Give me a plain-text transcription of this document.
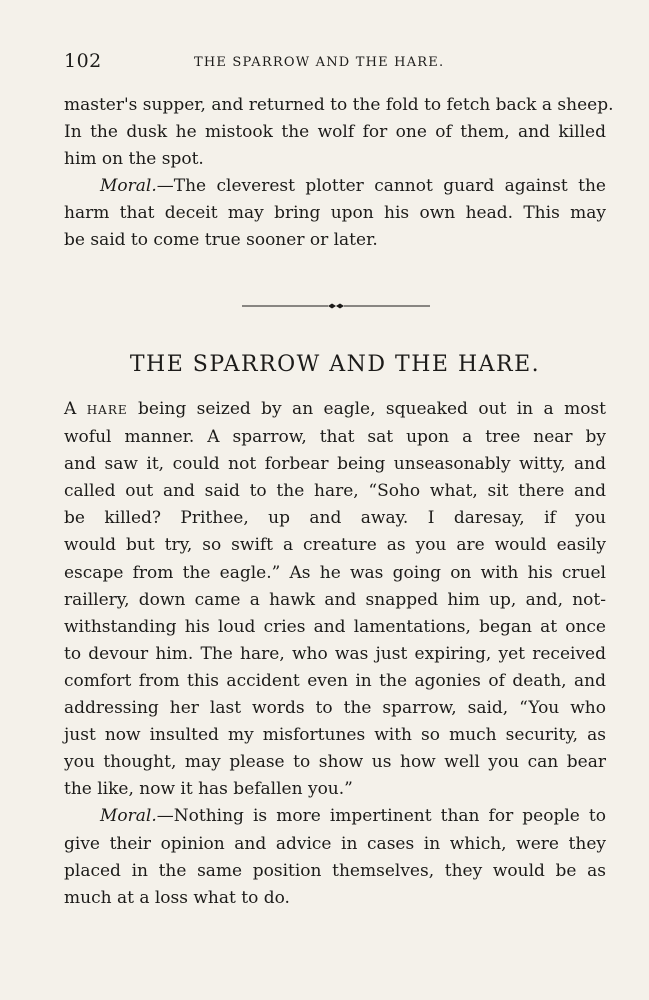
102	THE SPARROW AND THE HARE.
master's supper, and returned to the fold to fetch back a sheep.
In the dusk he mistook the wolf for one of them, and killed
him on the spot.
Moral.—The cleverest plotter cannot guard against the
harm that deceit may bring upon his own head. This may
be said to come true sooner or later.
THE SPARROW AND THE HARE.
A HARE being seized by an eagle, squeaked out in a most
woful manner. A sparrow, that sat upon a tree near by
and saw it, could not forbear being unseasonably witty, and
called out and said to the hare, “Soho what, sit there and
be killed? Prithee, up and away. I daresay, if you
would but try, so swift a creature as you are would easily
escape from the eagle.” As he was going on with his cruel
raillery, down came a hawk and snapped him up, and, not-
withstanding his loud cries and lamentations, began at once
to devour him. The hare, who was just expiring, yet received
comfort from this accident even in the agonies of death, and
addressing her last words to the sparrow, said, “You who
just now insulted my misfortunes with so much security, as
you thought, may please to show us how well you can bear
the like, now it has befallen you.”
Moral.—Nothing is more impertinent than for people to
give their opinion and advice in cases in which, were they
placed in the same position themselves, they would be as
much at a loss what to do.
